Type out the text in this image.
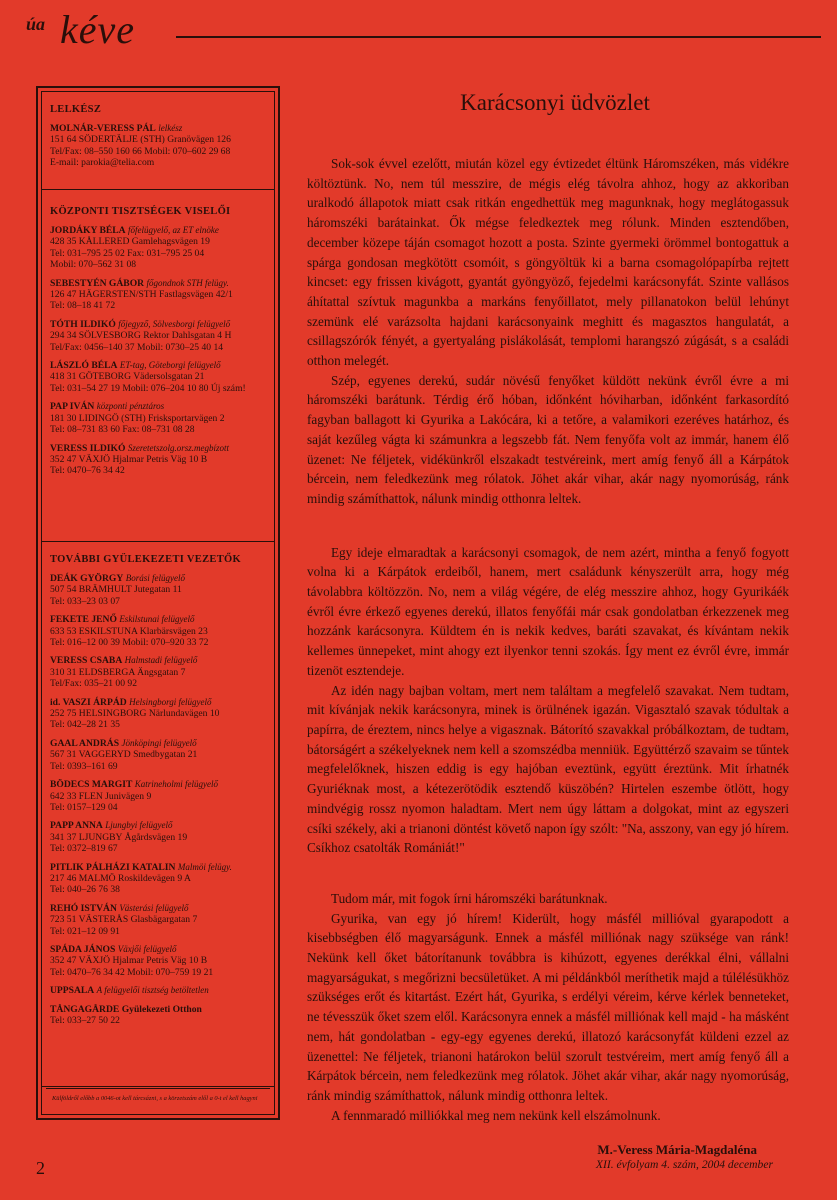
úa kéve
LELKÉSZ
MOLNÁR-VERESS PÁL lelkész
151 64 SÖDERTÄLJE (STH) Granövägen 126
Tel/Fax: 08–550 160 66 Mobil: 070–602 29 68
E-mail: parokia@telia.com
KÖZPONTI TISZTSÉGEK VISELŐI
JORDÁKY BÉLA főfelügyelő, az ET elnöke
428 35 KÅLLERED Gamlehagsvägen 19
Tel: 031–795 25 02 Fax: 031–795 25 04
Mobil: 070–562 31 08
SEBESTYÉN GÁBOR főgondnok STH felügy.
126 47 HÄGERSTEN/STH Fastlagsvägen 42/1
Tel: 08–18 41 72
TÓTH ILDIKÓ főjegyző, Sölvesborgi felügyelő
294 34 SÖLVESBORG Rektor Dahlsgatan 4 H
Tel/Fax: 0456–140 37 Mobil: 0730–25 40 14
LÁSZLÓ BÉLA ET-tag, Göteborgi felügyelő
418 31 GÖTEBORG Vädersolsgatan 21
Tel: 031–54 27 19 Mobil: 076–204 10 80 Új szám!
PAP IVÁN központi pénztáros
181 30 LIDINGÖ (STH) Frisksportarvägen 2
Tel: 08–731 83 60 Fax: 08–731 08 28
VERESS ILDIKÓ Szeretetszolg.orsz.megbízott
352 47 VÄXJÖ Hjalmar Petris Väg 10 B
Tel: 0470–76 34 42
TOVÁBBI GYÜLEKEZETI VEZETŐK
DEÁK GYÖRGY Borási felügyelő
507 54 BRÄMHULT Jutegatan 11
Tel: 033–23 03 07
FEKETE JENŐ Eskilstunai felügyelő
633 53 ESKILSTUNA Klarbärsvägen 23
Tel: 016–12 00 39 Mobil: 070–920 33 72
VERESS CSABA Halmstadi felügyelő
310 31 ELDSBERGA Ängsgatan 7
Tel/Fax: 035–21 00 92
id. VASZI ÁRPÁD Helsingborgi felügyelő
252 75 HELSINGBORG Närlundavägen 10
Tel: 042–28 21 35
GAAL ANDRÁS Jönköpingi felügyelő
567 31 VAGGERYD Smedbygatan 21
Tel: 0393–161 69
BÖDECS MARGIT Katrineholmi felügyelő
642 33 FLEN Junivägen 9
Tel: 0157–129 04
PAPP ANNA Ljungbyi felügyelő
341 37 LJUNGBY Ågårdsvägen 19
Tel: 0372–819 67
PITLIK PÁLHÁZI KATALIN Malmöi felügy.
217 46 MALMÖ Roskildevägen 9 A
Tel: 040–26 76 38
REHÓ ISTVÁN Västerási felügyelő
723 51 VÄSTERÅS Glasbägargatan 7
Tel: 021–12 09 91
SPÁDA JÁNOS Växjői felügyelő
352 47 VÄXJÖ Hjalmar Petris Väg 10 B
Tel: 0470–76 34 42 Mobil: 070–759 19 21
UPPSALA A felügyelői tisztség betöltetlen
TÅNGAGÅRDE Gyülekezeti Otthon
Tel: 033–27 50 22
Külföldről előbb a 0046-ot kell tárcsázni, s a körzetszám elől a 0-t el kell hagyni
Karácsonyi üdvözlet

Sok-sok évvel ezelőtt, miután közel egy évtizedet éltünk Háromszéken, más vidékre költöztünk. No, nem túl messzire, de mégis elég távolra ahhoz, hogy az akkoriban uralkodó állapotok miatt csak ritkán engedhettük meg magunknak, hogy meglátogassuk háromszéki barátainkat. Ők mégse feledkeztek meg rólunk. Minden esztendőben, december közepe táján csomagot hozott a posta. Szinte gyermeki örömmel bontogattuk a spárga gondosan megkötött csomóit, s göngyöltük ki a barna csomagolópapírba rejtett kincset: egy frissen kivágott, gyantát gyöngyöző, fejedelmi karácsonyfát. Szinte vallásos áhítattal szívtuk magunkba a markáns fenyőillatot, mely pillanatokon belül lehúnyt szemünk elé varázsolta hajdani karácsonyaink meghitt és magasztos hangulatát, a csillagszórók fényét, a gyertyaláng pislákolását, templomi harangszó zúgását, s a családi otthon melegét.

Szép, egyenes derekú, sudár növésű fenyőket küldött nekünk évről évre a mi háromszéki barátunk. Térdig érő hóban, időnként hóviharban, időnként farkasordító fagyban ballagott ki Gyurika a Lakócára, ki a tetőre, a valamikori ezeréves határhoz, és saját kezűleg vágta ki számunkra a legszebb fát. Nem fenyőfa volt az immár, hanem élő üzenet: Ne féljetek, vidékünkről elszakadt testvéreink, mert amíg fenyő áll a Kárpátok bércein, nem feledkezünk meg rólatok. Jöhet akár vihar, akár nagy nyomorúság, ránk mindig számíthattok, nálunk mindig otthonra leltek.

Egy ideje elmaradtak a karácsonyi csomagok, de nem azért, mintha a fenyő fogyott volna ki a Kárpátok erdeiből, hanem, mert családunk kényszerült arra, hogy még távolabbra költözzön. No, nem a világ végére, de elég messzire ahhoz, hogy Gyurikáék évről évre érkező egyenes derekú, illatos fenyőfái már csak gondolatban érkezzenek meg hozzánk karácsonyra. Küldtem én is nekik kedves, baráti szavakat, és kívántam nekik kellemes ünnepeket, mint ahogy ezt ilyenkor tenni szokás. Így ment ez évről évre, immár tizenöt esztendeje.

Az idén nagy bajban voltam, mert nem találtam a megfelelő szavakat. Nem tudtam, mit kívánjak nekik karácsonyra, minek is örülnének igazán. Vigasztaló szavak tódultak a papírra, de éreztem, nincs helye a vigasznak. Bátorító szavakkal próbálkoztam, de tudtam, bátorságért a székelyeknek nem kell a szomszédba menniük. Együttérző szavaim se tűntek megfelelőknek, hiszen eddig is egy hajóban eveztünk, együtt éreztünk. Mit írhatnék Gyuriéknak most, a kétezerötödik esztendő küszöbén? Hirtelen eszembe ötlött, hogy mindvégig rossz nyomon haladtam. Mert nem úgy láttam a dolgokat, mint az egyszeri csíki székely, aki a trianoni döntést követő napon így szólt: "Na, asszony, van egy jó hírem. Csíkhoz csatolták Romániát!"

Tudom már, mit fogok írni háromszéki barátunknak.

Gyurika, van egy jó hírem! Kiderült, hogy másfél millióval gyarapodott a kisebbségben élő magyarságunk. Ennek a másfél milliónak nagy szüksége van ránk! Nekünk kell őket bátorítanunk továbbra is kihúzott, egyenes derékkal élni, vállalni magyarságukat, s megőrizni becsületüket. A mi példánkból meríthetik majd a túlélésükhöz szükséges erőt és kitartást. Ezért hát, Gyurika, s erdélyi véreim, kérve kérlek benneteket, ne tévesszük őket szem elől. Karácsonyra ennek a másfél milliónak kell majd - ha másként nem, hát gondolatban - egy-egy egyenes derekú, illatozó karácsonyfát küldeni ezzel az üzenettel: Ne féljetek, trianoni határokon belül szorult testvéreim, mert amíg fenyő áll a Kárpátok bércein, nem feledkezünk meg rólatok. Jöhet akár vihar, akár nagy nyomorúság, ránk mindig számíthattok, nálunk mindig otthonra leltek.

A fennmaradó milliókkal meg nem nekünk kell elszámolnunk.

M.-Veress Mária-Magdaléna
2	XII. évfolyam 4. szám, 2004 december
